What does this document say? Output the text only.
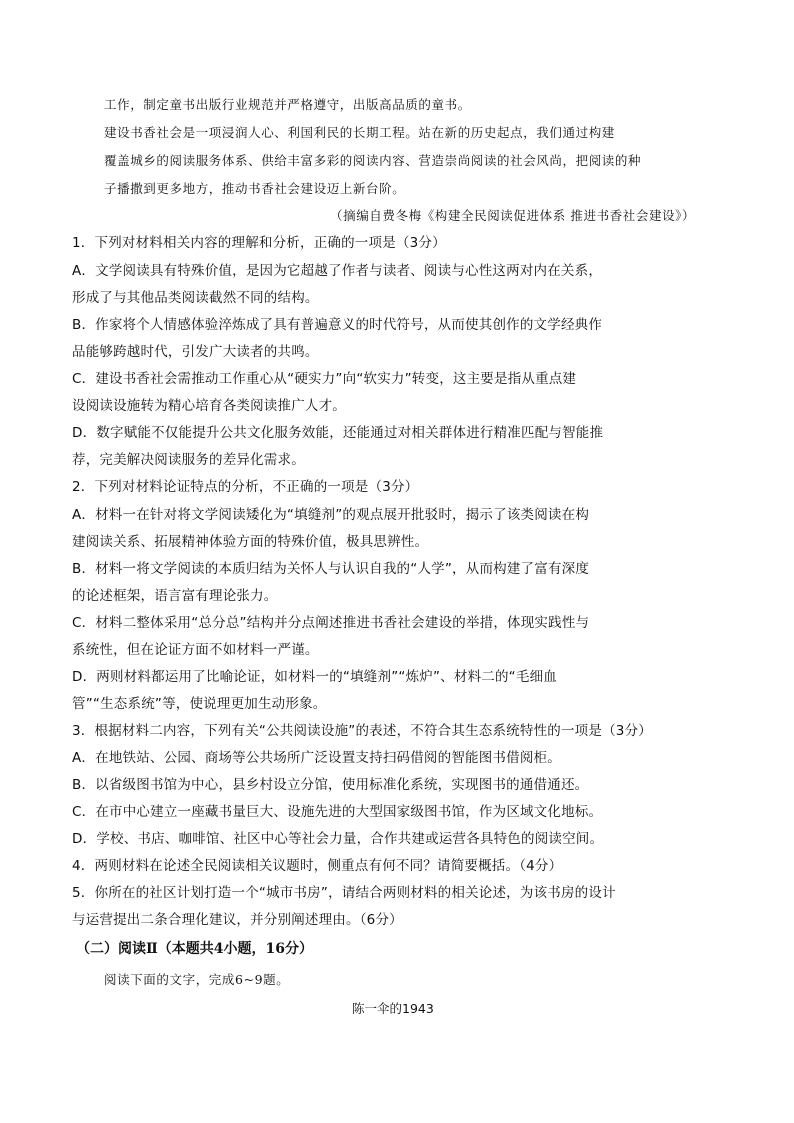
工作，制定童书出版行业规范并严格遵守，出版高品质的童书。
建设书香社会是一项浸润人心、利国利民的长期工程。站在新的历史起点，我们通过构建
覆盖城乡的阅读服务体系、供给丰富多彩的阅读内容、营造崇尚阅读的社会风尚，把阅读的种
子播撒到更多地方，推动书香社会建设迈上新台阶。
（摘编自费冬梅《构建全民阅读促进体系 推进书香社会建设》）
1．下列对材料相关内容的理解和分析，正确的一项是（3分）
A．文学阅读具有特殊价值，是因为它超越了作者与读者、阅读与心性这两对内在关系，
形成了与其他品类阅读截然不同的结构。
B．作家将个人情感体验淬炼成了具有普遍意义的时代符号，从而使其创作的文学经典作
品能够跨越时代，引发广大读者的共鸣。
C．建设书香社会需推动工作重心从“硬实力”向“软实力”转变，这主要是指从重点建
设阅读设施转为精心培育各类阅读推广人才。
D．数字赋能不仅能提升公共文化服务效能，还能通过对相关群体进行精准匹配与智能推
荐，完美解决阅读服务的差异化需求。
2．下列对材料论证特点的分析，不正确的一项是（3分）
A．材料一在针对将文学阅读矮化为“填缝剂”的观点展开批驳时，揭示了该类阅读在构
建阅读关系、拓展精神体验方面的特殊价值，极具思辨性。
B．材料一将文学阅读的本质归结为关怀人与认识自我的“人学”，从而构建了富有深度
的论述框架，语言富有理论张力。
C．材料二整体采用“总分总”结构并分点阐述推进书香社会建设的举措，体现实践性与
系统性，但在论证方面不如材料一严谨。
D．两则材料都运用了比喻论证，如材料一的“填缝剂”“炼炉”、材料二的“毛细血
管”“生态系统”等，使说理更加生动形象。
3．根据材料二内容，下列有关“公共阅读设施”的表述，不符合其生态系统特性的一项是（3分）
A．在地铁站、公园、商场等公共场所广泛设置支持扫码借阅的智能图书借阅柜。
B．以省级图书馆为中心，县乡村设立分馆，使用标准化系统，实现图书的通借通还。
C．在市中心建立一座藏书量巨大、设施先进的大型国家级图书馆，作为区域文化地标。
D．学校、书店、咖啡馆、社区中心等社会力量，合作共建或运营各具特色的阅读空间。
4．两则材料在论述全民阅读相关议题时，侧重点有何不同？请简要概括。（4分）
5．你所在的社区计划打造一个“城市书房”，请结合两则材料的相关论述，为该书房的设计
与运营提出二条合理化建议，并分别阐述理由。（6分）
（二）阅读Ⅱ（本题共4小题，16分）
阅读下面的文字，完成6~9题。
陈一伞的1943
